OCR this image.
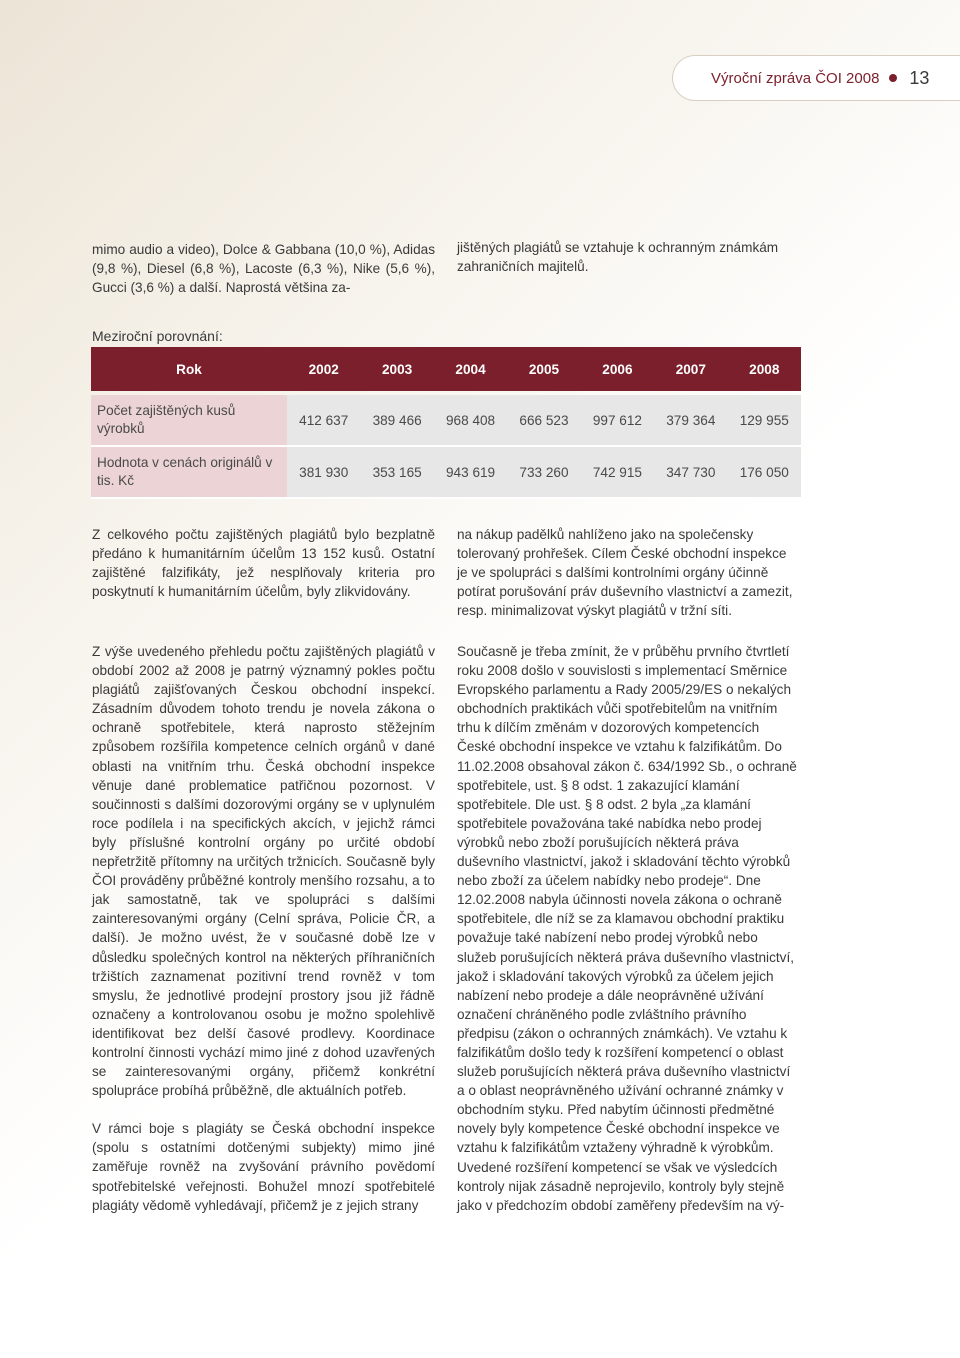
Výroční zpráva ČOI 2008 13

mimo audio a video), Dolce & Gabbana (10,0 %), Adidas (9,8 %), Diesel (6,8 %), Lacoste (6,3 %), Nike (5,6 %), Gucci (3,6 %) a další. Naprostá většina za-

jištěných plagiátů se vztahuje k ochranným známkám zahraničních majitelů.

Meziroční porovnání:
Rok	2002	2003	2004	2005	2006	2007	2008

Počet zajištěných kusů výrobků	412 637	389 466	968 408	666 523	997 612	379 364	129 955
Hodnota v cenách originálů v tis. Kč	381 930	353 165	943 619	733 260	742 915	347 730	176 050

Z celkového počtu zajištěných plagiátů bylo bezplatně předáno k humanitárním účelům 13 152 kusů. Ostatní zajištěné falzifikáty, jež nesplňovaly kriteria pro poskytnutí k humanitárním účelům, byly zlikvidovány.

na nákup padělků nahlíženo jako na společensky tolerovaný prohřešek. Cílem České obchodní inspekce je ve spolupráci s dalšími kontrolními orgány účinně potírat porušování práv duševního vlastnictví a zamezit, resp. minimalizovat výskyt plagiátů v tržní síti.

Z výše uvedeného přehledu počtu zajištěných plagiátů v období 2002 až 2008 je patrný významný pokles počtu plagiátů zajišťovaných Českou obchodní inspekcí. Zásadním důvodem tohoto trendu je novela zákona o ochraně spotřebitele, která naprosto stěžejním způsobem rozšířila kompetence celních orgánů v dané oblasti na vnitřním trhu. Česká obchodní inspekce věnuje dané problematice patřičnou pozornost. V součinnosti s dalšími dozorovými orgány se v uplynulém roce podílela i na specifických akcích, v jejichž rámci byly příslušné kontrolní orgány po určité období nepřetržitě přítomny na určitých tržnicích. Současně byly ČOI prováděny průběžné kontroly menšího rozsahu, a to jak samostatně, tak ve spolupráci s dalšími zainteresovanými orgány (Celní správa, Policie ČR, a další). Je možno uvést, že v současné době lze v důsledku společných kontrol na některých příhraničních tržištích zaznamenat pozitivní trend rovněž v tom smyslu, že jednotlivé prodejní prostory jsou již řádně označeny a kontrolovanou osobu je možno spolehlivě identifikovat bez delší časové prodlevy. Koordinace kontrolní činnosti vychází mimo jiné z dohod uzavřených se zainteresovanými orgány, přičemž konkrétní spolupráce probíhá průběžně, dle aktuálních potřeb.

V rámci boje s plagiáty se Česká obchodní inspekce (spolu s ostatními dotčenými subjekty) mimo jiné zaměřuje rovněž na zvyšování právního povědomí spotřebitelské veřejnosti. Bohužel mnozí spotřebitelé plagiáty vědomě vyhledávají, přičemž je z jejich strany

Současně je třeba zmínit, že v průběhu prvního čtvrtletí roku 2008 došlo v souvislosti s implementací Směrnice Evropského parlamentu a Rady 2005/29/ES o nekalých obchodních praktikách vůči spotřebitelům na vnitřním trhu k dílčím změnám v dozorových kompetencích České obchodní inspekce ve vztahu k falzifikátům. Do 11.02.2008 obsahoval zákon č. 634/1992 Sb., o ochraně spotřebitele, ust. § 8 odst. 1 zakazující klamání spotřebitele. Dle ust. § 8 odst. 2 byla „za klamání spotřebitele považována také nabídka nebo prodej výrobků nebo zboží porušujících některá práva duševního vlastnictví, jakož i skladování těchto výrobků nebo zboží za účelem nabídky nebo prodeje“. Dne 12.02.2008 nabyla účinnosti novela zákona o ochraně spotřebitele, dle níž se za klamavou obchodní praktiku považuje také nabízení nebo prodej výrobků nebo služeb porušujících některá práva duševního vlastnictví, jakož i skladování takových výrobků za účelem jejich nabízení nebo prodeje a dále neoprávněné užívání označení chráněného podle zvláštního právního předpisu (zákon o ochranných známkách). Ve vztahu k falzifikátům došlo tedy k rozšíření kompetencí o oblast služeb porušujících některá práva duševního vlastnictví a o oblast neoprávněného užívání ochranné známky v obchodním styku. Před nabytím účinnosti předmětné novely byly kompetence České obchodní inspekce ve vztahu k falzifikátům vztaženy výhradně k výrobkům. Uvedené rozšíření kompetencí se však ve výsledcích kontroly nijak zásadně neprojevilo, kontroly byly stejně jako v předchozím období zaměřeny především na vý-
